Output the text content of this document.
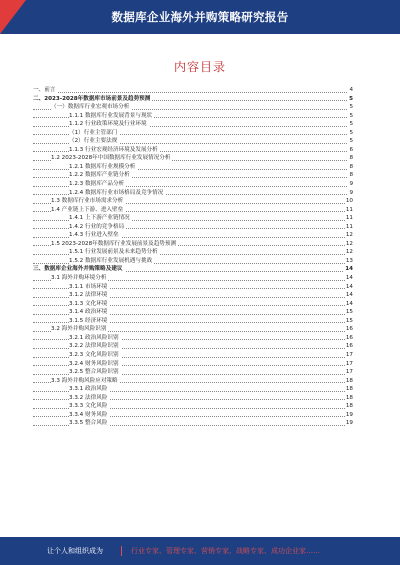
数据库企业海外并购策略研究报告
内容目录
一、前言	4
二、2023-2028年数据库市场前景及趋势预测	5
（一）数据库行业宏观市场分析	5
1.1.1 数据库行业发展背景与现状	5
1.1.2 行业政策环境及行业环境	5
（1）行业主管部门	5
（2）行业主要法规	5
1.1.3 行业宏观经济环境及发展分析	6
1.2 2023-2028年中国数据库行业发展情况分析	8
1.2.1 数据库行业规模分析	8
1.2.2 数据库产业链分析	8
1.2.3 数据库产品分析	9
1.2.4 数据库行业市场格局及竞争情况	9
1.3 数据库行业市场需求分析	10
1.4 产业链上下游、进入壁垒	11
1.4.1 上下游产业链情况	11
1.4.2 行业的竞争格局	11
1.4.3 行业进入壁垒	12
1.5 2023-2028年数据库行业发展前景及趋势预测	12
1.5.1 行业发展前景及未来趋势分析	12
1.5.2 数据库行业发展机遇与挑战	13
三、数据库企业海外并购策略及建议	14
3.1 海外并购环境分析	14
3.1.1 市场环境	14
3.1.2 法律环境	14
3.1.3 文化环境	14
3.1.4 政治环境	15
3.1.5 经济环境	15
3.2 海外并购风险识别	16
3.2.1 政治风险识别	16
3.2.2 法律风险识别	16
3.2.3 文化风险识别	17
3.2.4 财务风险识别	17
3.2.5 整合风险识别	17
3.3 海外并购风险应对策略	18
3.3.1 政治风险	18
3.3.2 法律风险	18
3.3.3 文化风险	18
3.3.4 财务风险	19
3.3.5 整合风险	19
让个人和组织成为	行业专家、管理专家、营销专家、战略专家、成功企业家……
